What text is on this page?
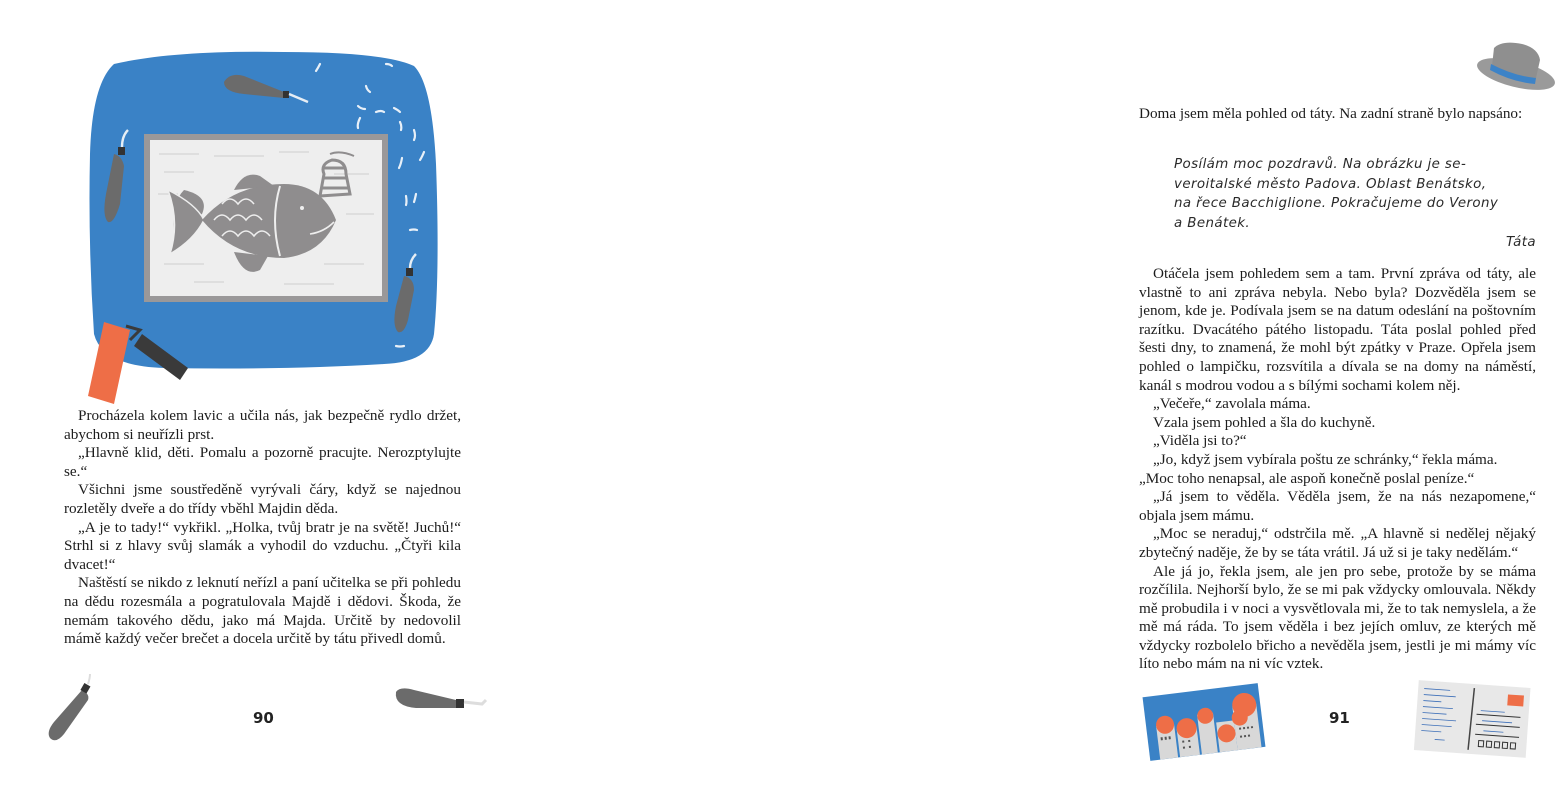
Procházela kolem lavic a učila nás, jak bezpečně rydlo držet, abychom si neuřízli prst.

„Hlavně klid, děti. Pomalu a pozorně pracujte. Nerozptylujte se.“

Všichni jsme soustředěně vyrývali čáry, když se najednou rozletěly dveře a do třídy vběhl Majdin děda.

„A je to tady!“ vykřikl. „Holka, tvůj bratr je na světě! Juchů!“ Strhl si z hlavy svůj slamák a vyhodil do vzduchu. „Čtyři kila dvacet!“

Naštěstí se nikdo z leknutí neřízl a paní učitelka se při pohledu na dědu rozesmála a pogratulovala Majdě i dědovi. Škoda, že nemám takového dědu, jako má Majda. Určitě by nedovolil mámě každý večer brečet a docela určitě by tátu přivedl domů.

90

Doma jsem měla pohled od táty. Na zadní straně bylo napsáno:

Posílám moc pozdravů. Na obrázku je se-
veroitalské město Padova. Oblast Benátsko,
na řece Bacchiglione. Pokračujeme do Verony
a Benátek.
Táta

Otáčela jsem pohledem sem a tam. První zpráva od táty, ale vlastně to ani zpráva nebyla. Nebo byla? Dozvěděla jsem se jenom, kde je. Podívala jsem se na datum odeslání na poštovním razítku. Dvacátého pátého listopadu. Táta poslal pohled před šesti dny, to znamená, že mohl být zpátky v Praze. Opřela jsem pohled o lampičku, rozsvítila a dívala se na domy na náměstí, kanál s modrou vodou a s bílými sochami kolem něj.

„Večeře,“ zavolala máma.

Vzala jsem pohled a šla do kuchyně.

„Viděla jsi to?“

„Jo, když jsem vybírala poštu ze schránky,“ řekla máma.

„Moc toho nenapsal, ale aspoň konečně poslal peníze.“

„Já jsem to věděla. Věděla jsem, že na nás nezapomene,“ objala jsem mámu.

„Moc se neraduj,“ odstrčila mě. „A hlavně si nedělej nějaký zbytečný naděje, že by se táta vrátil. Já už si je taky nedělám.“

Ale já jo, řekla jsem, ale jen pro sebe, protože by se máma rozčílila. Nejhorší bylo, že se mi pak vždycky omlouvala. Někdy mě probudila i v noci a vysvětlovala mi, že to tak nemyslela, a že mě má ráda. To jsem věděla i bez jejích omluv, ze kterých mě vždycky rozbolelo břicho a nevěděla jsem, jestli je mi mámy víc líto nebo mám na ni víc vztek.

91
